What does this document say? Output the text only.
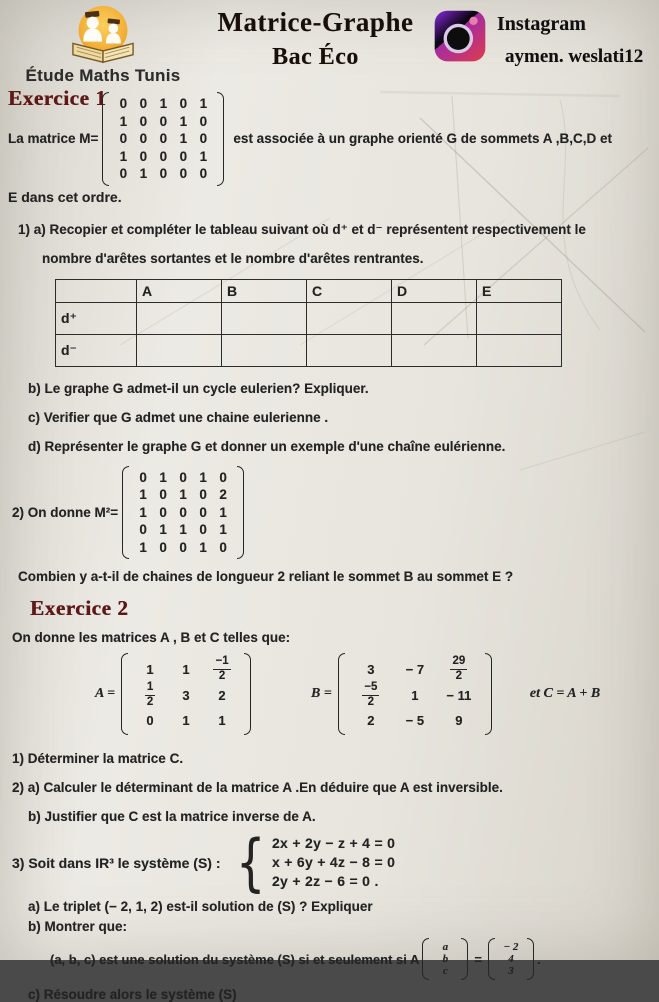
Étude Maths Tunis
Matrice-Graphe
Bac Éco
Instagram
aymen. weslati12
Exercice 1
La matrice M=
0 0 1 0 1
1 0 0 1 0
0 0 0 1 0
1 0 0 0 1
0 1 0 0 0
est associée à un graphe orienté G de sommets A ,B,C,D et
E dans cet ordre.
1) a) Recopier et compléter le tableau suivant où d⁺ et d⁻ représentent respectivement le
nombre d'arêtes sortantes et le nombre d'arêtes rentrantes.
	A	B	C	D	E
d⁺					
d⁻					
b) Le graphe G admet-il un cycle eulerien? Expliquer.
c) Verifier que G admet une chaine eulerienne .
d) Représenter le graphe G et donner un exemple d'une chaîne eulérienne.
2) On donne M²=
0 1 0 1 0
1 0 1 0 2
1 0 0 0 1
0 1 1 0 1
1 0 0 1 0
Combien y a-t-il de chaines de longueur 2 reliant le sommet B au sommet E ?
Exercice 2
On donne les matrices A , B et C telles que:
A =
1	1	$\frac{-1}{2}$
$\frac{1}{2}$	3	2
0	1	1
B =
3	− 7	$\frac{29}{2}$
$\frac{-5}{2}$	1	− 11
2	− 5	9
et C = A + B
1) Déterminer la matrice C.
2) a) Calculer le déterminant de la matrice A .En déduire que A est inversible.
b) Justifier que C est la matrice inverse de A.
3) Soit dans IR³ le système (S) : { 2x + 2y − z + 4 = 0
x + 6y + 4z − 8 = 0
2y + 2z − 6 = 0 .
a) Le triplet (− 2, 1, 2) est-il solution de (S) ? Expliquer
b) Montrer que:
(a, b, c) est une solution du système (S) si et seulement si A
a
b
c
=
− 2
4
3
.
c) Résoudre alors le système (S)
